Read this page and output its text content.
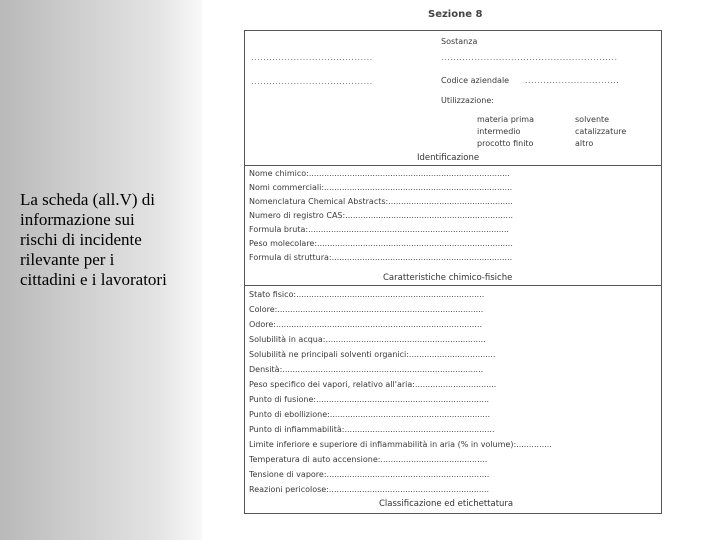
La scheda (all.V) di
informazione sui
rischi di incidente
rilevante per i
cittadini e i lavoratori
Sezione 8
........................................
........................................
Sostanza
..........................................................
Codice aziendale ...............................
Utilizzazione:
materia prima
intermedio
procotto finito
solvente
catalizzature
altro
Identificazione
Nome chimico:...............................................................................
Nomi commerciali:..........................................................................
Nomenclatura Chemical Abstracts:.................................................
Numero di registro CAS:..................................................................
Formula bruta:...............................................................................
Peso molecolare:.............................................................................
Formula di struttura:.......................................................................
Caratteristiche chimico-fisiche
Stato fisico:..........................................................................
Colore:.................................................................................
Odore:.................................................................................
Solubilità in acqua:...............................................................
Solubilità ne principali solventi organici:..................................
Densità:...............................................................................
Peso specifico dei vapori, relativo all'aria:................................
Punto di fusione:....................................................................
Punto di ebollizione:...............................................................
Punto di infiammabilità:...........................................................
Limite inferiore e superiore di infiammabilità in aria (% in volume):..............
Temperatura di auto accensione:..........................................
Tensione di vapore:................................................................
Reazioni pericolose:...............................................................
Classificazione ed etichettatura
